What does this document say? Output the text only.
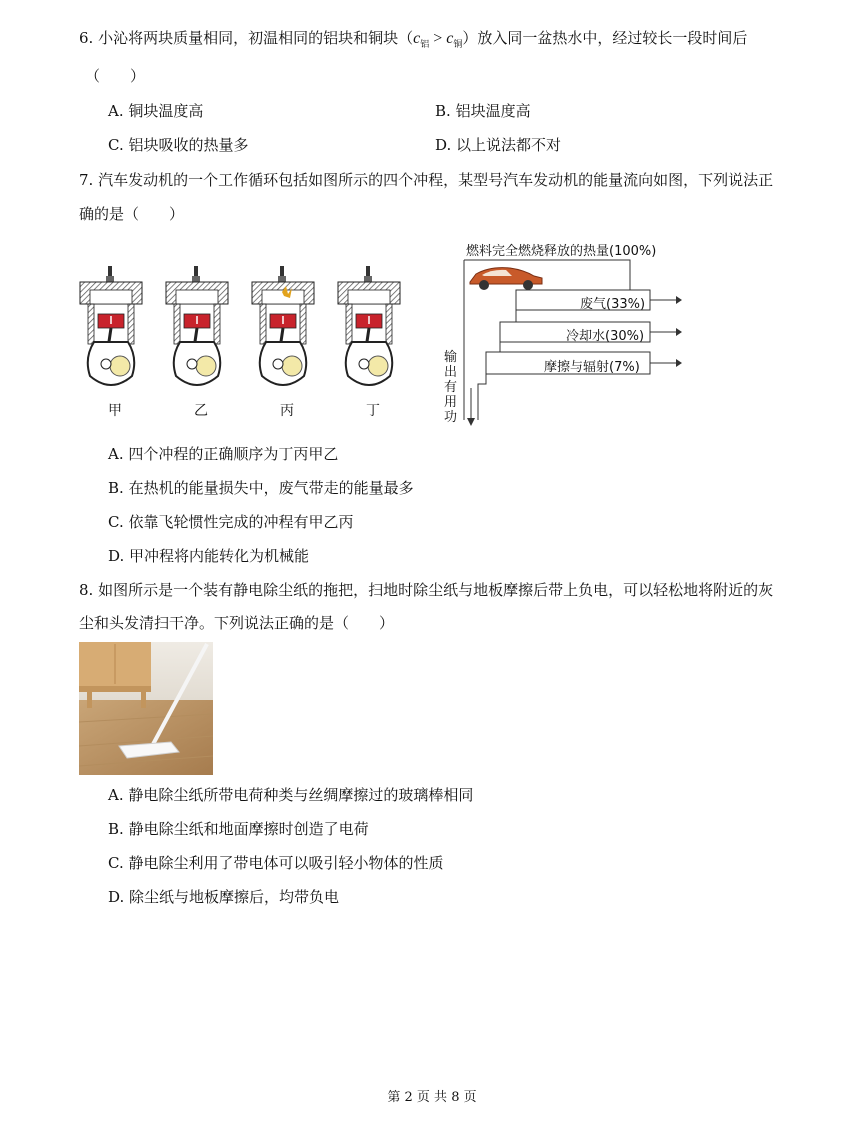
6. 小沁将两块质量相同，初温相同的铝块和铜块$(c_铝 > c_铜)$放入同一盆热水中，经过较长一段时间后
（　　）
A. 铜块温度高	B. 铝块温度高
C. 铝块吸收的热量多	D. 以上说法都不对
7. 汽车发动机的一个工作循环包括如图所示的四个冲程，某型号汽车发动机的能量流向如图，下列说法正
确的是（　　）
甲	乙	丙	丁
燃料完全燃烧释放的热量(100%)
废气(33%)
冷却水(30%)
摩擦与辐射(7%)
输出有用功
A. 四个冲程的正确顺序为丁丙甲乙
B. 在热机的能量损失中，废气带走的能量最多
C. 依靠飞轮惯性完成的冲程有甲乙丙
D. 甲冲程将内能转化为机械能
8. 如图所示是一个装有静电除尘纸的拖把，扫地时除尘纸与地板摩擦后带上负电，可以轻松地将附近的灰
尘和头发清扫干净。下列说法正确的是（　　）
A. 静电除尘纸所带电荷种类与丝绸摩擦过的玻璃棒相同
B. 静电除尘纸和地面摩擦时创造了电荷
C. 静电除尘利用了带电体可以吸引轻小物体的性质
D. 除尘纸与地板摩擦后，均带负电
第 2 页 共 8 页
